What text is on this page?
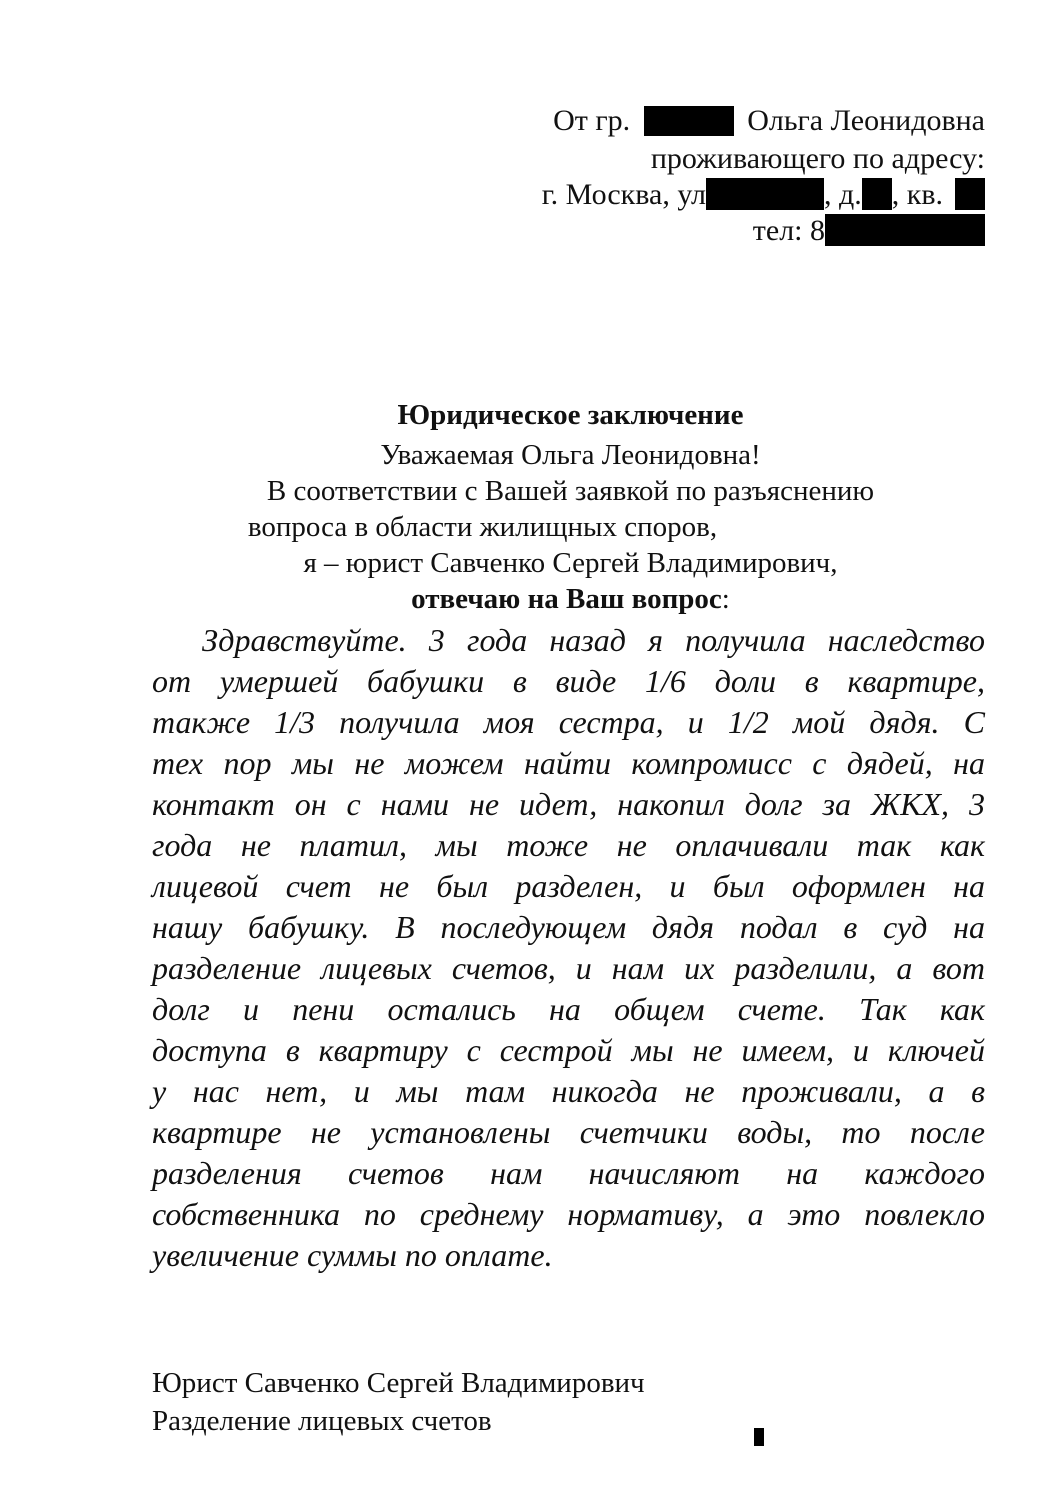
От гр.	Ольга Леонидовна
проживающего по адресу:
г. Москва, ул	, д. , кв.
тел: 8
Юридическое заключение
Уважаемая Ольга Леонидовна!
В соответствии с Вашей заявкой по разъяснению
вопроса в области жилищных споров,
я – юрист Савченко Сергей Владимирович,
отвечаю на Ваш вопрос:
Здравствуйте. 3 года назад я получила наследство
от умершей бабушки в виде 1/6 доли в квартире,
также 1/3 получила моя сестра, и 1/2 мой дядя. С
тех пор мы не можем найти компромисс с дядей, на
контакт он с нами не идет, накопил долг за ЖКХ, 3
года не платил, мы тоже не оплачивали так как
лицевой счет не был разделен, и был оформлен на
нашу бабушку. В последующем дядя подал в суд на
разделение лицевых счетов, и нам их разделили, а вот
долг и пени остались на общем счете. Так как
доступа в квартиру с сестрой мы не имеем, и ключей
у нас нет, и мы там никогда не проживали, а в
квартире не установлены счетчики воды, то после
разделения счетов нам начисляют на каждого
собственника по среднему нормативу, а это повлекло
увеличение суммы по оплате.
Юрист Савченко Сергей Владимирович
Разделение лицевых счетов
